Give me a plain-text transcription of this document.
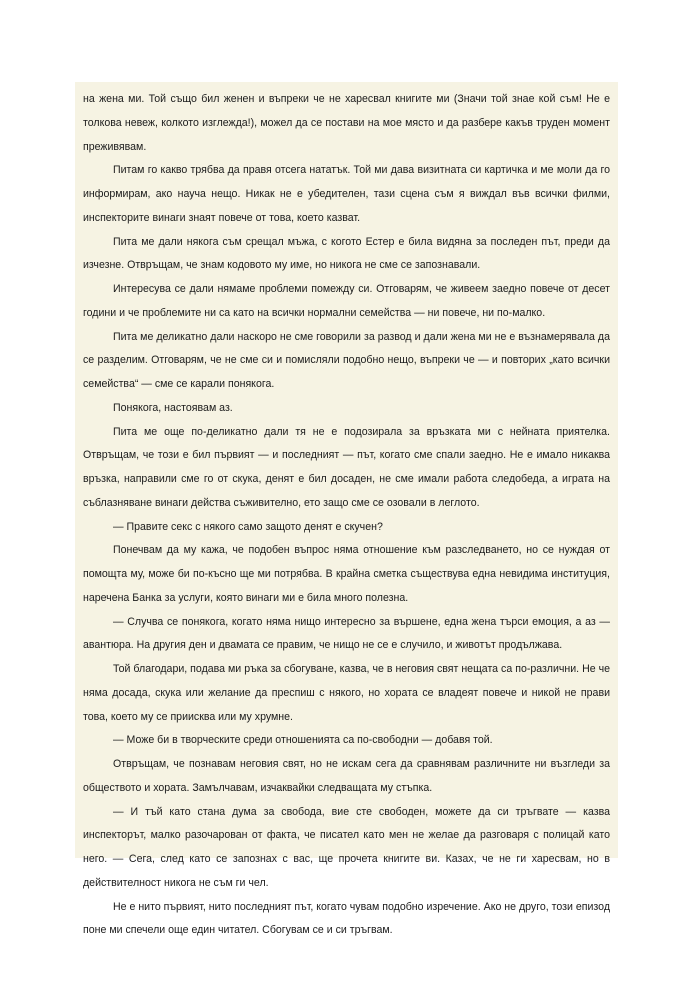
на жена ми. Той също бил женен и въпреки че не харесвал книгите ми (Значи той знае кой съм! Не е толкова невеж, колкото изглежда!), можел да се постави на мое място и да разбере какъв труден момент преживявам.

Питам го какво трябва да правя отсега нататък. Той ми дава визитната си картичка и ме моли да го информирам, ако науча нещо. Никак не е убедителен, тази сцена съм я виждал във всички филми, инспекторите винаги знаят повече от това, което казват.

Пита ме дали някога съм срещал мъжа, с когото Естер е била видяна за последен път, преди да изчезне. Отвръщам, че знам кодовото му име, но никога не сме се запознавали.

Интересува се дали нямаме проблеми помежду си. Отговарям, че живеем заедно повече от десет години и че проблемите ни са като на всички нормални семейства — ни повече, ни по-малко.

Пита ме деликатно дали наскоро не сме говорили за развод и дали жена ми не е възнамерявала да се разделим. Отговарям, че не сме си и помисляли подобно нещо, въпреки че — и повторих „като всички семейства“ — сме се карали понякога.

Понякога, настоявам аз.

Пита ме още по-деликатно дали тя не е подозирала за връзката ми с нейната приятелка. Отвръщам, че този е бил първият — и последният — път, когато сме спали заедно. Не е имало никаква връзка, направили сме го от скука, денят е бил досаден, не сме имали работа следобеда, а играта на съблазняване винаги действа съживително, ето защо сме се озовали в леглото.

— Правите секс с някого само защото денят е скучен?

Понечвам да му кажа, че подобен въпрос няма отношение към разследването, но се нуждая от помощта му, може би по-късно ще ми потрябва. В крайна сметка съществува една невидима институция, наречена Банка за услуги, която винаги ми е била много полезна.

— Случва се понякога, когато няма нищо интересно за вършене, една жена търси емоция, а аз — авантюра. На другия ден и двамата се правим, че нищо не се е случило, и животът продължава.

Той благодари, подава ми ръка за сбогуване, казва, че в неговия свят нещата са по-различни. Не че няма досада, скука или желание да преспиш с някого, но хората се владеят повече и никой не прави това, което му се приисква или му хрумне.

— Може би в творческите среди отношенията са по-свободни — добавя той.

Отвръщам, че познавам неговия свят, но не искам сега да сравнявам различните ни възгледи за обществото и хората. Замълчавам, изчаквайки следващата му стъпка.

— И тъй като стана дума за свобода, вие сте свободен, можете да си тръгвате — казва инспекторът, малко разочарован от факта, че писател като мен не желае да разговаря с полицай като него. — Сега, след като се запознах с вас, ще прочета книгите ви. Казах, че не ги харесвам, но в действителност никога не съм ги чел.

Не е нито първият, нито последният път, когато чувам подобно изречение. Ако не друго, този епизод поне ми спечели още един читател. Сбогувам се и си тръгвам.
